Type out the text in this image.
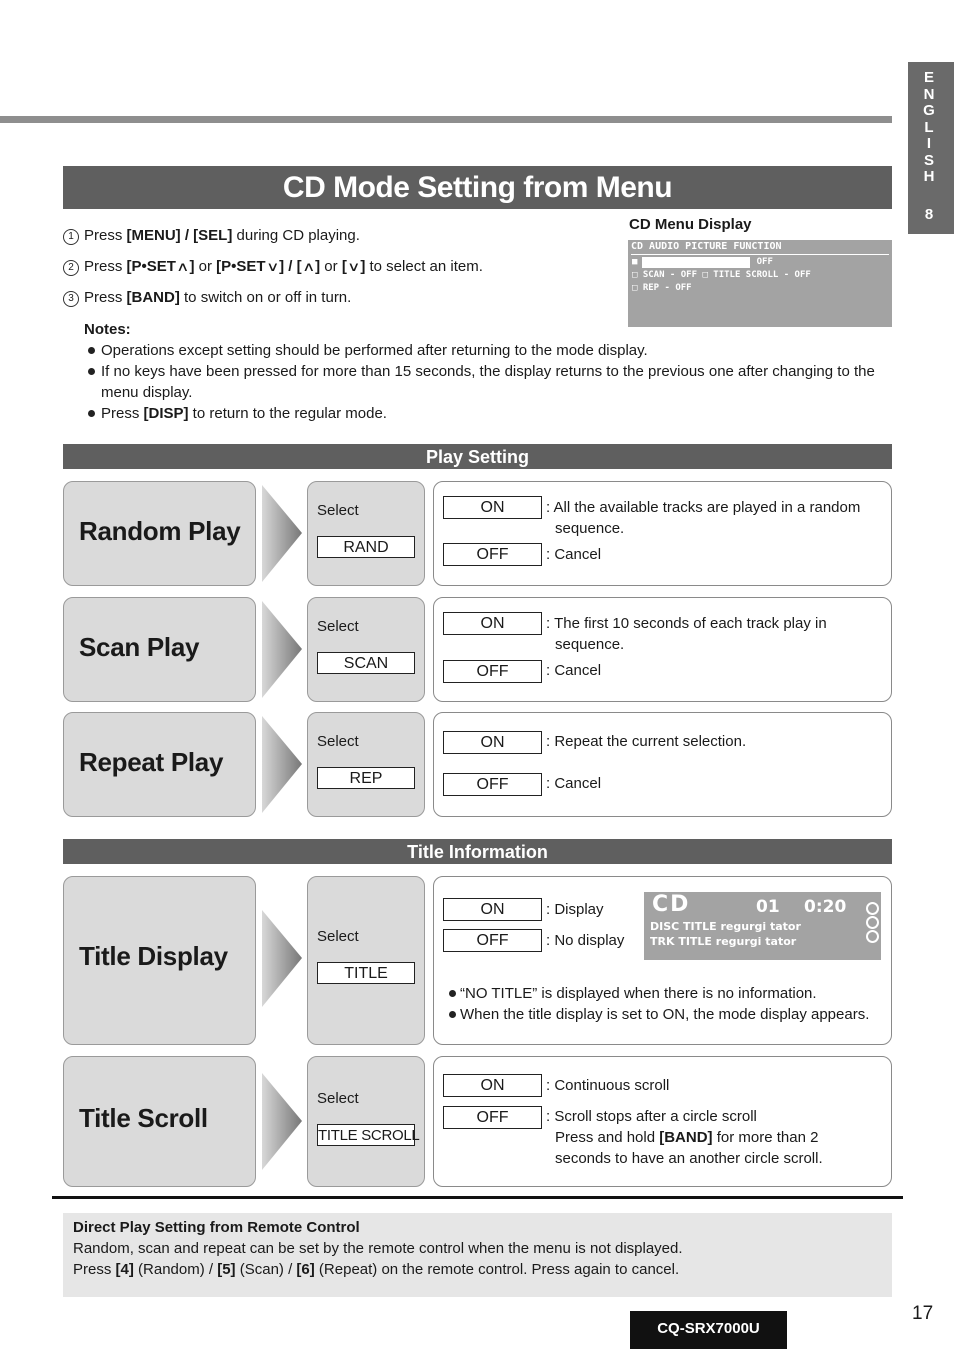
E
N
G
L
I
S
H
8
CD Mode Setting from Menu
1 Press [MENU] / [SEL] during CD playing.
2 Press [P•SET∧] or [P•SET∨] / [∧] or [∨] to select an item.
3 Press [BAND] to switch on or off in turn.
CD Menu Display
CD AUDIO PICTURE FUNCTION
■ RAND - OFF □ TITLE - OFF
□ SCAN - OFF □ TITLE SCROLL - OFF
□ REP - OFF
Notes:
Operations except setting should be performed after returning to the mode display.
If no keys have been pressed for more than 15 seconds, the display returns to the previous one after changing to the menu display.
Press [DISP] to return to the regular mode.
Play Setting
Random Play
Select
RAND
ON	: All the available tracks are played in a random
sequence.
OFF	: Cancel
Scan Play
Select
SCAN
ON	: The first 10 seconds of each track play in
sequence.
OFF	: Cancel
Repeat Play
Select
REP
ON	: Repeat the current selection.
OFF	: Cancel
Title Information
Title Display
Select
TITLE
ON	: Display
OFF	: No display
“NO TITLE” is displayed when there is no information.
When the title display is set to ON, the mode display appears.
CD	01 0:20
DISC TITLE regurgi tator
TRK TITLE regurgi tator
Title Scroll
Select
TITLE SCROLL
ON	: Continuous scroll
OFF	: Scroll stops after a circle scroll
Press and hold [BAND] for more than 2
seconds to have an another circle scroll.
Direct Play Setting from Remote Control
Random, scan and repeat can be set by the remote control when the menu is not displayed.
Press [4] (Random) / [5] (Scan) / [6] (Repeat) on the remote control. Press again to cancel.
17
CQ-SRX7000U
